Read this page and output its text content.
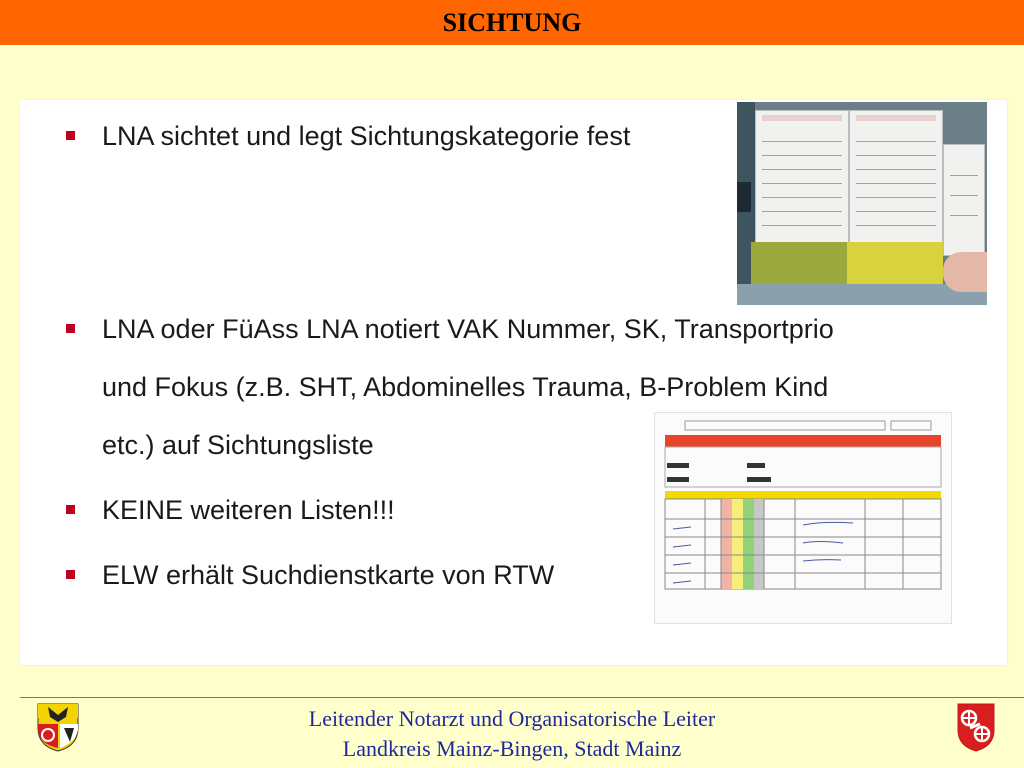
SICHTUNG
LNA sichtet und legt Sichtungskategorie fest
LNA oder FüAss LNA notiert VAK Nummer, SK, Transportprio
und Fokus (z.B. SHT, Abdominelles Trauma, B-Problem Kind
etc.) auf Sichtungsliste
KEINE weiteren Listen!!!
ELW erhält Suchdienstkarte von RTW
Leitender Notarzt und Organisatorische Leiter
Landkreis Mainz-Bingen, Stadt Mainz
